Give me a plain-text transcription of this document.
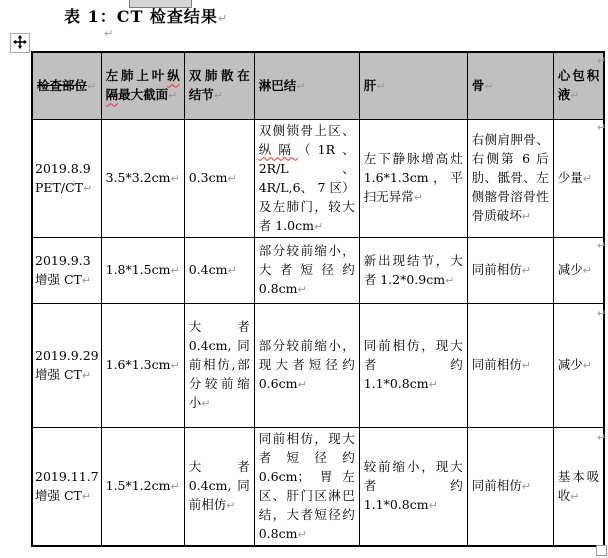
表 1：CT 检查结果↵
↵
检查部位↵	左肺上叶纵隔最大截面↵	双肺散在结节↵	淋巴结↵	肝↵	骨↵	心包积液↵
2019.8.9 PET/CT↵	3.5*3.2cm↵	0.3cm↵	双侧锁骨上区、纵隔（1R、2R/L、4R/L,6、 7 区）及左肺门，较大者 1.0cm↵	左下静脉增高灶 1.6*1.3cm，平扫无异常↵	右侧肩胛骨、右侧第 6 后肋、骶骨、左侧髂骨溶骨性骨质破坏↵	少量↵
2019.9.3 增强 CT↵	1.8*1.5cm↵	0.4cm↵	部分较前缩小，大者短径约 0.8cm↵	新出现结节，大者 1.2*0.9cm↵	同前相仿↵	减少↵
2019.9.29 增强 CT↵	1.6*1.3cm↵	大者 0.4cm,同前相仿,部分较前缩小↵	部分较前缩小，现大者短径约 0.6cm↵	同前相仿，现大者约 1.1*0.8cm↵	同前相仿↵	减少↵
2019.11.7 增强 CT↵	1.5*1.2cm↵	大者 0.4cm,同前相仿↵	同前相仿，现大者短径约 0.6cm；胃左区、肝门区淋巴结，大者短径约 0.8cm↵	较前缩小，现大者约 1.1*0.8cm↵	同前相仿↵	基本吸收↵
↵
↵
↵
↵
↵
